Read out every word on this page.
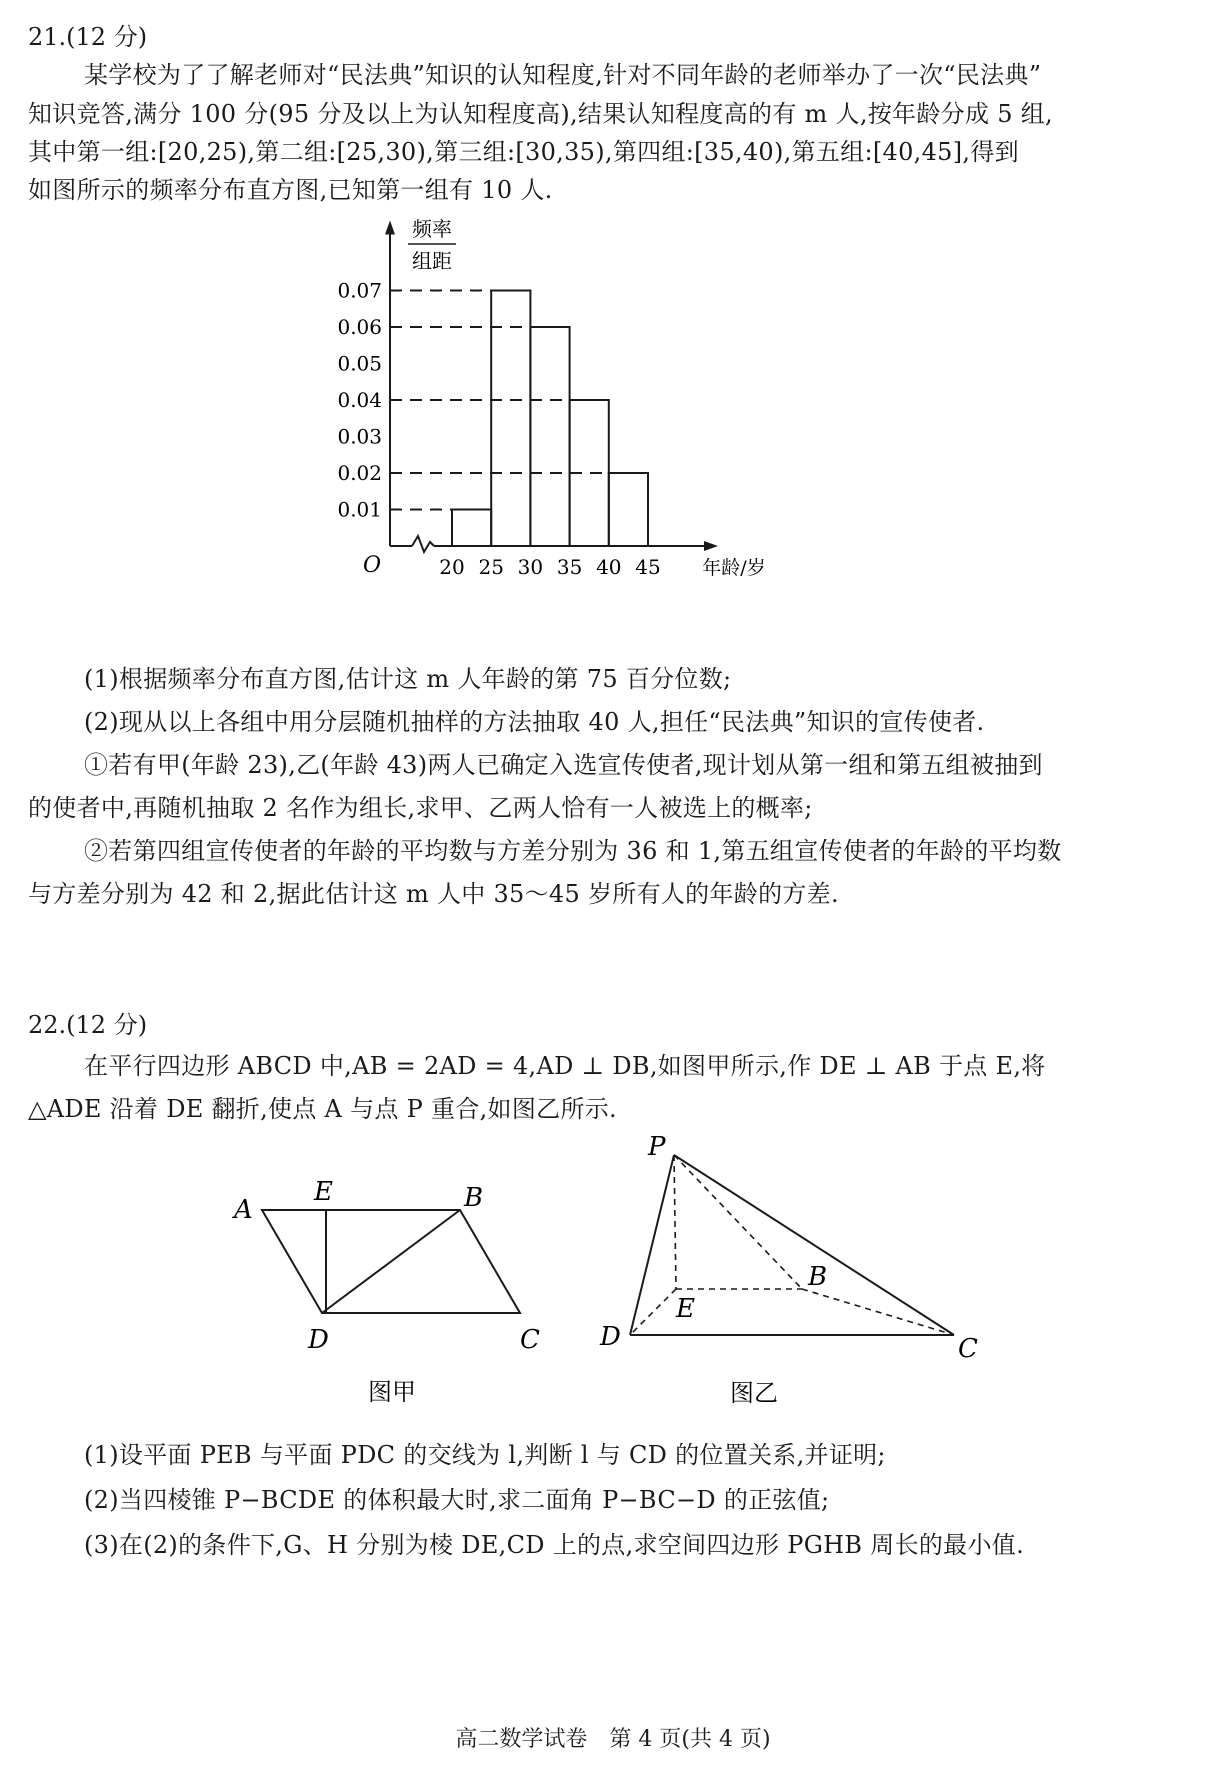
21.(12 分)
某学校为了了解老师对“民法典”知识的认知程度,针对不同年龄的老师举办了一次“民法典”
知识竞答,满分 100 分(95 分及以上为认知程度高),结果认知程度高的有 m 人,按年龄分成 5 组,
其中第一组:[20,25),第二组:[25,30),第三组:[30,35),第四组:[35,40),第五组:[40,45],得到
如图所示的频率分布直方图,已知第一组有 10 人.
0.01
0.02
0.03
0.04
0.05
0.06
0.07
20 25 30 35 40 45
O	年龄/岁
频率
组距
(1)根据频率分布直方图,估计这 m 人年龄的第 75 百分位数;
(2)现从以上各组中用分层随机抽样的方法抽取 40 人,担任“民法典”知识的宣传使者.
①若有甲(年龄 23),乙(年龄 43)两人已确定入选宣传使者,现计划从第一组和第五组被抽到
的使者中,再随机抽取 2 名作为组长,求甲、乙两人恰有一人被选上的概率;
②若第四组宣传使者的年龄的平均数与方差分别为 36 和 1,第五组宣传使者的年龄的平均数
与方差分别为 42 和 2,据此估计这 m 人中 35～45 岁所有人的年龄的方差.
22.(12 分)
在平行四边形 ABCD 中,AB = 2AD = 4,AD ⊥ DB,如图甲所示,作 DE ⊥ AB 于点 E,将
△ADE 沿着 DE 翻折,使点 A 与点 P 重合,如图乙所示.
A
E	B
D	C
图甲
P
B
E
D	C
图乙
(1)设平面 PEB 与平面 PDC 的交线为 l,判断 l 与 CD 的位置关系,并证明;
(2)当四棱锥 P−BCDE 的体积最大时,求二面角 P−BC−D 的正弦值;
(3)在(2)的条件下,G、H 分别为棱 DE,CD 上的点,求空间四边形 PGHB 周长的最小值.
高二数学试卷　第 4 页(共 4 页)
